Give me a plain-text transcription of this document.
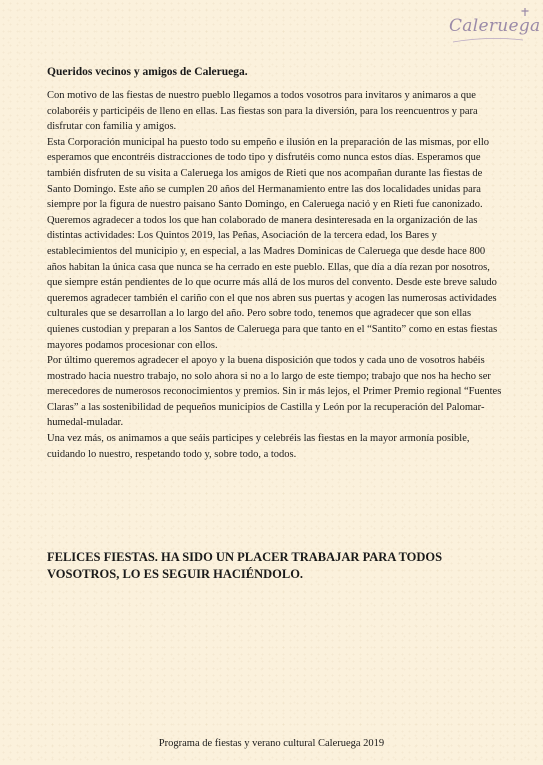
Caleruega
Queridos vecinos y amigos de Caleruega.

Con motivo de las fiestas de nuestro pueblo llegamos a todos vosotros para invitaros y animaros a que colaboréis y participéis de lleno en ellas. Las fiestas son para la diversión, para los reencuentros y para disfrutar con familia y amigos.

Esta Corporación municipal ha puesto todo su empeño e ilusión en la preparación de las mismas, por ello esperamos que encontréis distracciones de todo tipo y disfrutéis como nunca estos días. Esperamos que también disfruten de su visita a Caleruega los amigos de Rieti que nos acompañan durante las fiestas de Santo Domingo. Este año se cumplen 20 años del Hermanamiento entre las dos localidades unidas para siempre por la figura de nuestro paisano Santo Domingo, en Caleruega nació y en Rieti fue canonizado.

Queremos agradecer a todos los que han colaborado de manera desinteresada en la organización de las distintas actividades: Los Quintos 2019, las Peñas, Asociación de la tercera edad, los Bares y establecimientos del municipio y, en especial, a las Madres Dominicas de Caleruega que desde hace 800 años habitan la única casa que nunca se ha cerrado en este pueblo. Ellas, que día a día rezan por nosotros, que siempre están pendientes de lo que ocurre más allá de los muros del convento. Desde este breve saludo queremos agradecer también el cariño con el que nos abren sus puertas y acogen las numerosas actividades culturales que se desarrollan a lo largo del año. Pero sobre todo, tenemos que agradecer que son ellas quienes custodian y preparan a los Santos de Caleruega para que tanto en el “Santito” como en estas fiestas mayores podamos procesionar con ellos.

Por último queremos agradecer el apoyo y la buena disposición que todos y cada uno de vosotros habéis mostrado hacia nuestro trabajo, no solo ahora si no a lo largo de este tiempo; trabajo que nos ha hecho ser merecedores de numerosos reconocimientos y premios. Sin ir más lejos, el Primer Premio regional “Fuentes Claras” a las sostenibilidad de pequeños municipios de Castilla y León por la recuperación del Palomar-humedal-muladar.

Una vez más, os animamos a que seáis participes y celebréis las fiestas en la mayor armonía posible, cuidando lo nuestro, respetando todo y, sobre todo, a todos.

FELICES FIESTAS. HA SIDO UN PLACER TRABAJAR PARA TODOS VOSOTROS, LO ES SEGUIR HACIÉNDOLO.
Programa de fiestas y verano cultural Caleruega 2019
